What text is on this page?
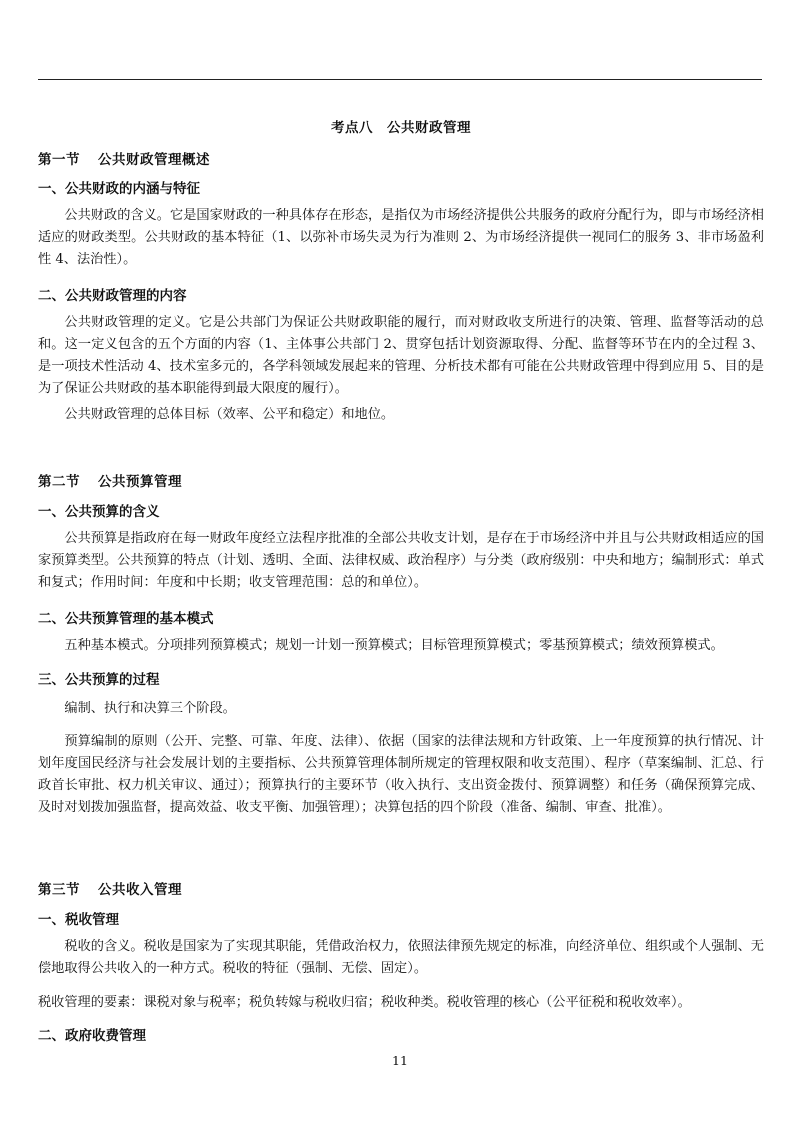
考点八　公共财政管理
第一节 公共财政管理概述
一、公共财政的内涵与特征
公共财政的含义。它是国家财政的一种具体存在形态，是指仅为市场经济提供公共服务的政府分配行为，即与市场经济相适应的财政类型。公共财政的基本特征（1、以弥补市场失灵为行为准则 2、为市场经济提供一视同仁的服务 3、非市场盈利性 4、法治性）。
二、公共财政管理的内容
公共财政管理的定义。它是公共部门为保证公共财政职能的履行，而对财政收支所进行的决策、管理、监督等活动的总和。这一定义包含的五个方面的内容（1、主体事公共部门 2、贯穿包括计划资源取得、分配、监督等环节在内的全过程 3、是一项技术性活动 4、技术室多元的，各学科领域发展起来的管理、分析技术都有可能在公共财政管理中得到应用 5、目的是为了保证公共财政的基本职能得到最大限度的履行）。
公共财政管理的总体目标（效率、公平和稳定）和地位。
第二节 公共预算管理
一、公共预算的含义
公共预算是指政府在每一财政年度经立法程序批准的全部公共收支计划，是存在于市场经济中并且与公共财政相适应的国家预算类型。公共预算的特点（计划、透明、全面、法律权威、政治程序）与分类（政府级别：中央和地方；编制形式：单式和复式；作用时间：年度和中长期；收支管理范围：总的和单位）。
二、公共预算管理的基本模式
五种基本模式。分项排列预算模式；规划一计划一预算模式；目标管理预算模式；零基预算模式；绩效预算模式。
三、公共预算的过程
编制、执行和决算三个阶段。
预算编制的原则（公开、完整、可靠、年度、法律）、依据（国家的法律法规和方针政策、上一年度预算的执行情况、计划年度国民经济与社会发展计划的主要指标、公共预算管理体制所规定的管理权限和收支范围）、程序（草案编制、汇总、行政首长审批、权力机关审议、通过）；预算执行的主要环节（收入执行、支出资金拨付、预算调整）和任务（确保预算完成、及时对划拨加强监督，提高效益、收支平衡、加强管理）；决算包括的四个阶段（准备、编制、审查、批准）。
第三节 公共收入管理
一、税收管理
税收的含义。税收是国家为了实现其职能，凭借政治权力，依照法律预先规定的标准，向经济单位、组织或个人强制、无偿地取得公共收入的一种方式。税收的特征（强制、无偿、固定）。
税收管理的要素：课税对象与税率；税负转嫁与税收归宿；税收种类。税收管理的核心（公平征税和税收效率）。
二、政府收费管理
11
